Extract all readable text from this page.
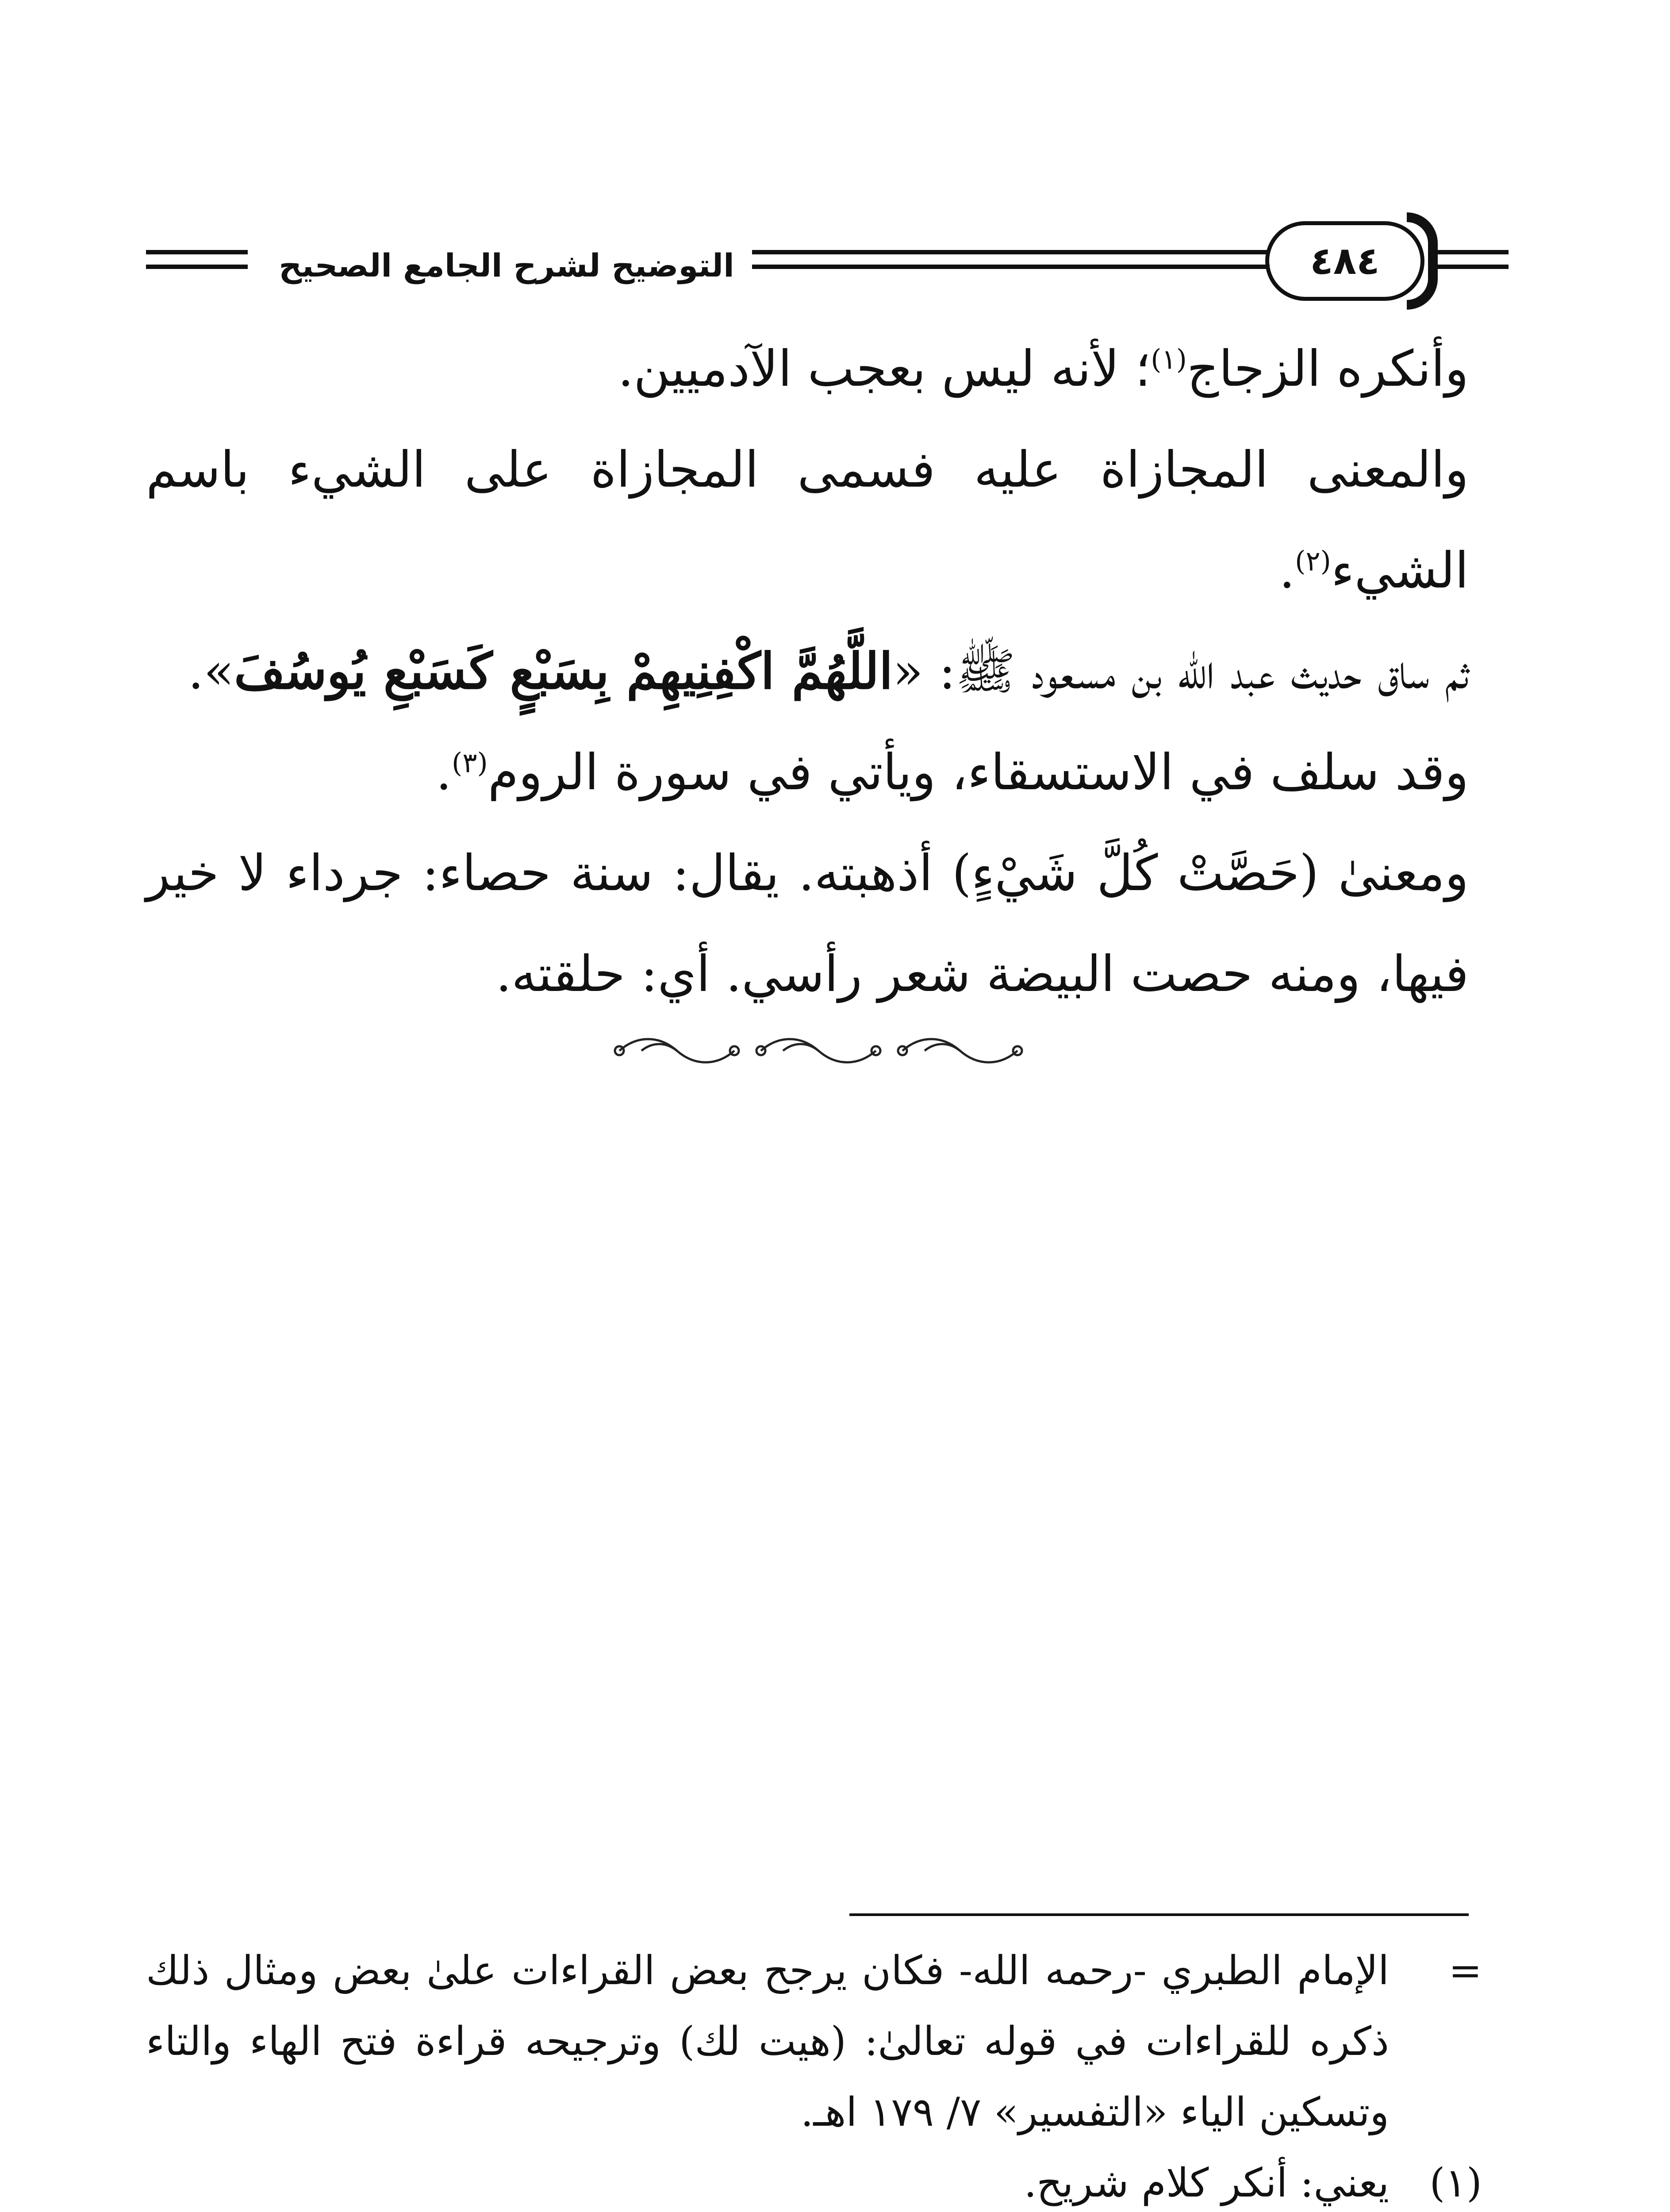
التوضيح لشرح الجامع الصحيح	٤٨٤

وأنكره الزجاج$^{(١)}$؛ لأنه ليس بعجب الآدميين.

والمعنى المجازاة عليه فسمى المجازاة على الشيء باسم الشيء$^{(٢)}$.

ثم ساق حديث عبد الله بن مسعود ﷺ: «اللَّهُمَّ اكْفِنِيهِمْ بِسَبْعٍ كَسَبْعِ يُوسُفَ».

وقد سلف في الاستسقاء، ويأتي في سورة الروم$^{(٣)}$.

ومعنىٰ (حَصَّتْ كُلَّ شَيْءٍ) أذهبته. يقال: سنة حصاء: جرداء لا خير فيها، ومنه حصت البيضة شعر رأسي. أي: حلقته.

=
الإمام الطبري -رحمه الله- فكان يرجح بعض القراءات علىٰ بعض ومثال ذلك ذكره للقراءات في قوله تعالىٰ: (هيت لك) وترجيحه قراءة فتح الهاء والتاء وتسكين الياء «التفسير» ٧/ ١٧٩ اهـ.
(١)
يعني: أنكر كلام شريح.
